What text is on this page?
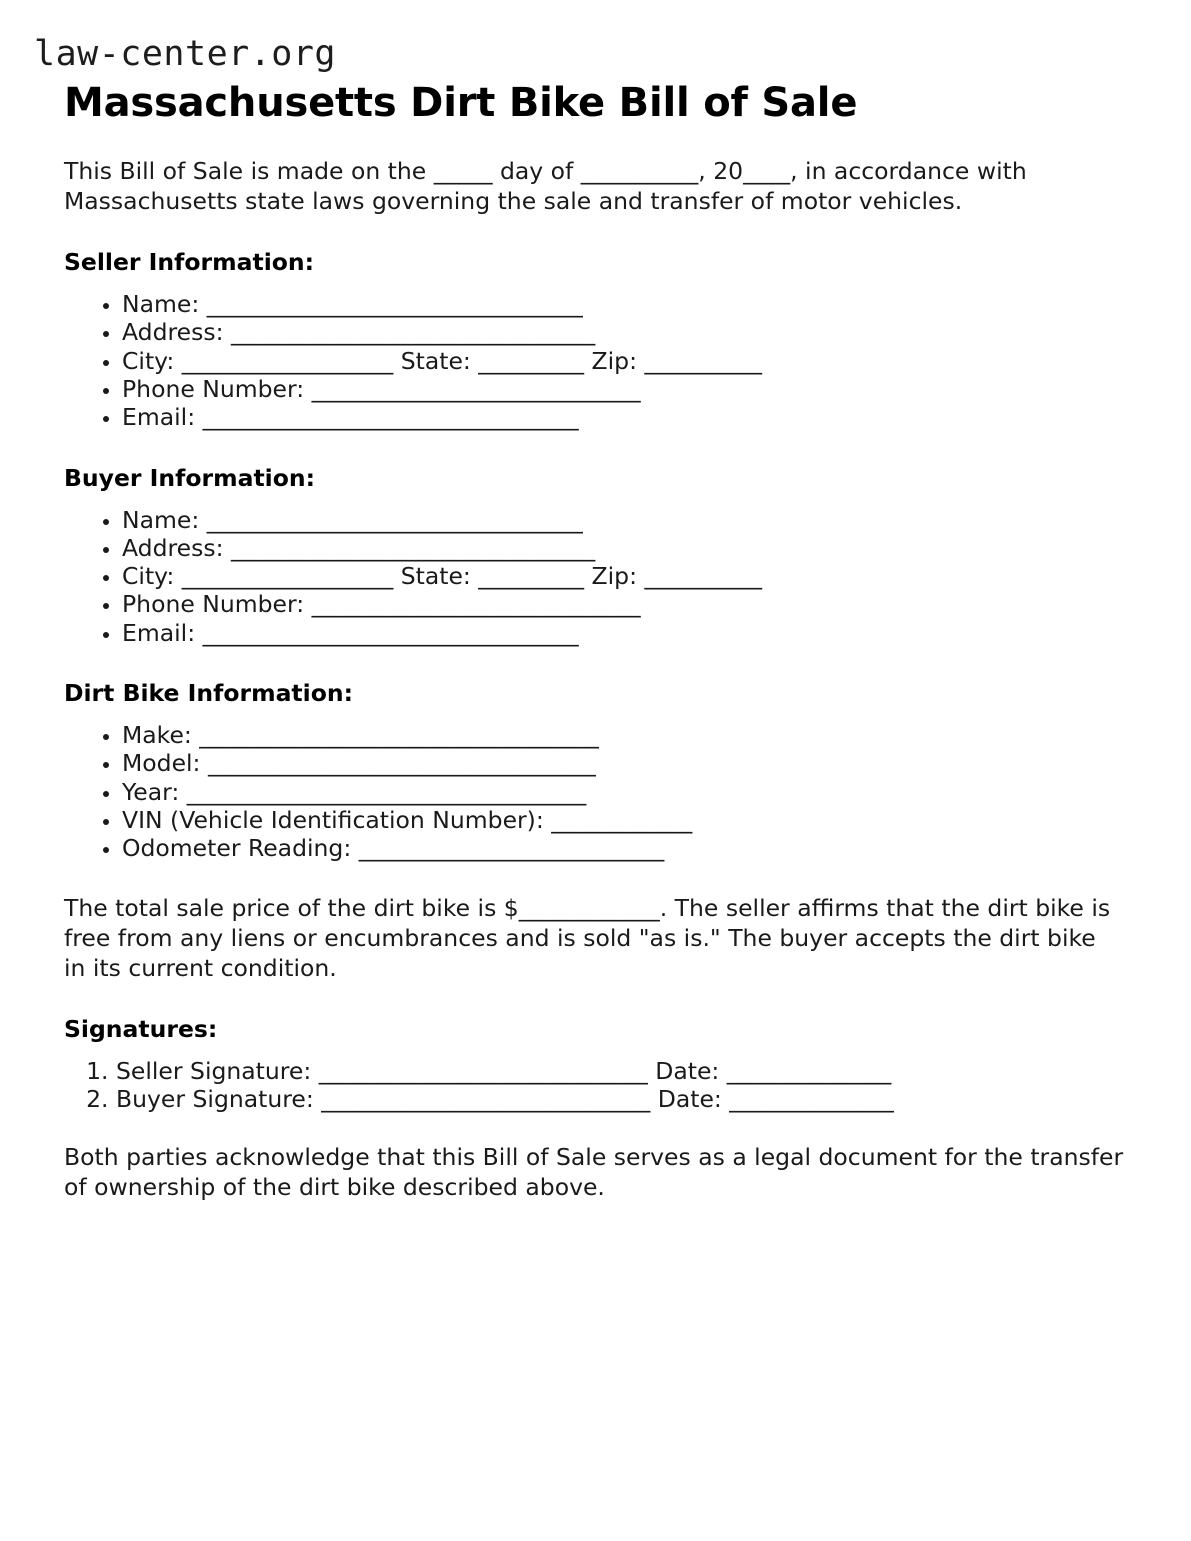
law-center.org
Massachusetts Dirt Bike Bill of Sale

This Bill of Sale is made on the _____ day of __________, 20____, in accordance with Massachusetts state laws governing the sale and transfer of motor vehicles.

Seller Information:
• Name: ________________________________
• Address: _______________________________
• City: __________________ State: _________ Zip: __________
• Phone Number: ____________________________
• Email: ________________________________
Buyer Information:
• Name: ________________________________
• Address: _______________________________
• City: __________________ State: _________ Zip: __________
• Phone Number: ____________________________
• Email: ________________________________
Dirt Bike Information:
• Make: __________________________________
• Model: _________________________________
• Year: __________________________________
• VIN (Vehicle Identification Number): ____________
• Odometer Reading: __________________________

The total sale price of the dirt bike is $____________. The seller affirms that the dirt bike is free from any liens or encumbrances and is sold "as is." The buyer accepts the dirt bike in its current condition.

Signatures:
1. Seller Signature: ____________________________ Date: ______________
2. Buyer Signature: ____________________________ Date: ______________

Both parties acknowledge that this Bill of Sale serves as a legal document for the transfer of ownership of the dirt bike described above.
